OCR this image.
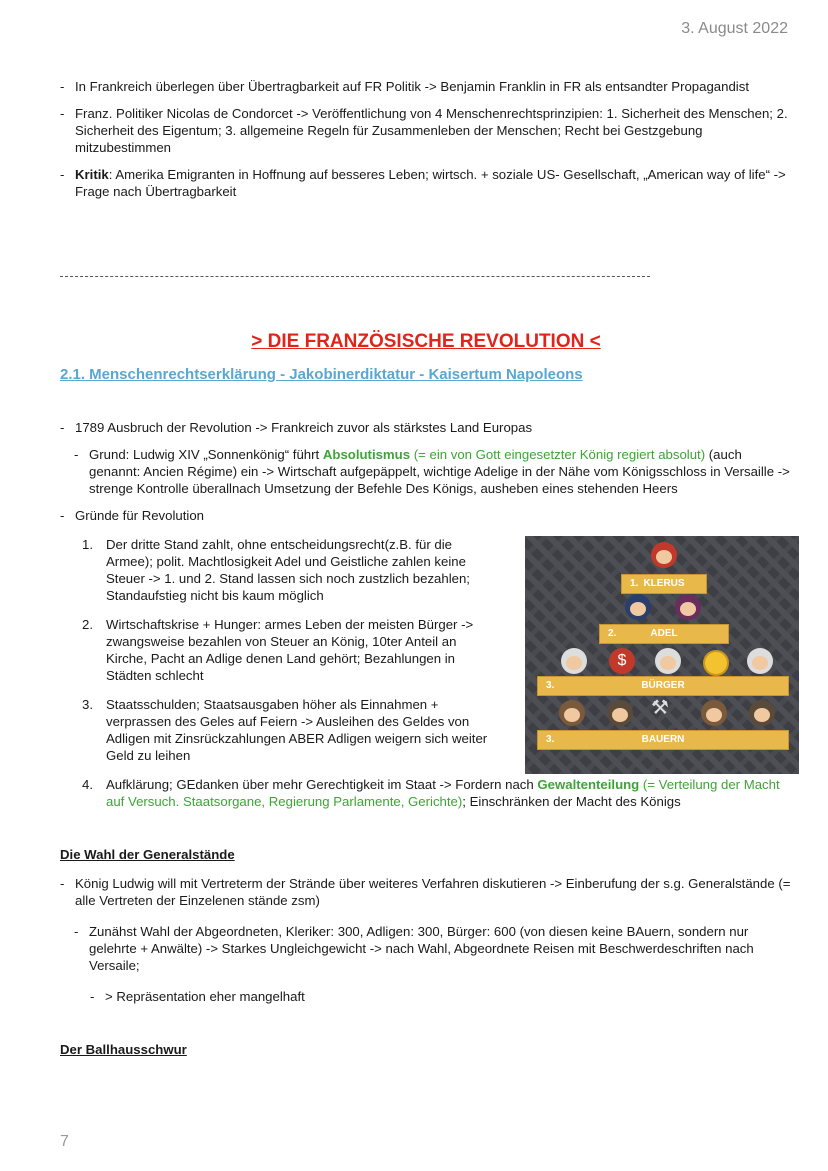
3. August 2022
- In Frankreich überlegen über Übertragbarkeit auf FR Politik -> Benjamin Franklin in FR als entsandter Propagandist
- Franz. Politiker Nicolas de Condorcet -> Veröffentlichung von 4 Menschenrechtsprinzipien: 1. Sicherheit des Menschen; 2. Sicherheit des Eigentum; 3. allgemeine Regeln für Zusammenleben der Menschen; Recht bei Gestzgebung mitzubestimmen
- Kritik: Amerika Emigranten in Hoffnung auf besseres Leben; wirtsch. + soziale US- Gesellschaft, „American way of life“ -> Frage nach Übertragbarkeit
> DIE FRANZÖSISCHE REVOLUTION <
2.1. Menschenrechtserklärung - Jakobinerdiktatur - Kaisertum Napoleons
- 1789 Ausbruch der Revolution -> Frankreich zuvor als stärkstes Land Europas
- Grund: Ludwig XIV „Sonnenkönig“ führt Absolutismus (= ein von Gott eingesetzter König regiert absolut) (auch genannt: Ancien Régime) ein -> Wirtschaft aufgepäppelt, wichtige Adelige in der Nähe vom Königsschloss in Versaille -> strenge Kontrolle überallnach Umsetzung der Befehle Des Königs, ausheben eines stehenden Heers
- Gründe für Revolution
1. Der dritte Stand zahlt, ohne entscheidungsrecht(z.B. für die Armee); polit. Machtlosigkeit Adel und Geistliche zahlen keine Steuer -> 1. und 2. Stand lassen sich noch zustzlich bezahlen; Standaufstieg nicht bis kaum möglich
2. Wirtschaftskrise + Hunger: armes Leben der meisten Bürger -> zwangsweise bezahlen von Steuer an König, 10ter Anteil an Kirche, Pacht an Adlige denen Land gehört; Bezahlungen in Städten schlecht
3. Staatsschulden; Staatsausgaben höher als Einnahmen + verprassen des Geles auf Feiern -> Ausleihen des Geldes von Adligen mit Zinsrückzahlungen ABER Adligen weigern sich weiter Geld zu leihen
4. Aufklärung; GEdanken über mehr Gerechtigkeit im Staat -> Fordern nach Gewaltenteilung (= Verteilung der Macht auf Versuch. Staatsorgane, Regierung Parlamente, Gerichte); Einschränken der Macht des Königs
1. KLERUS
2.	ADEL
$
3.	BÜRGER
⚒
3.	BAUERN
Die Wahl der Generalstände
- König Ludwig will mit Vertreterm der Strände über weiteres Verfahren diskutieren -> Einberufung der s.g. Generalstände (= alle Vertreten der Einzelenen stände zsm)
- Zunähst Wahl der Abgeordneten, Kleriker: 300, Adligen: 300, Bürger: 600 (von diesen keine BAuern, sondern nur gelehrte + Anwälte) -> Starkes Ungleichgewicht -> nach Wahl, Abgeordnete Reisen mit Beschwerdeschriften nach Versaile;
- > Repräsentation eher mangelhaft
Der Ballhausschwur
7
